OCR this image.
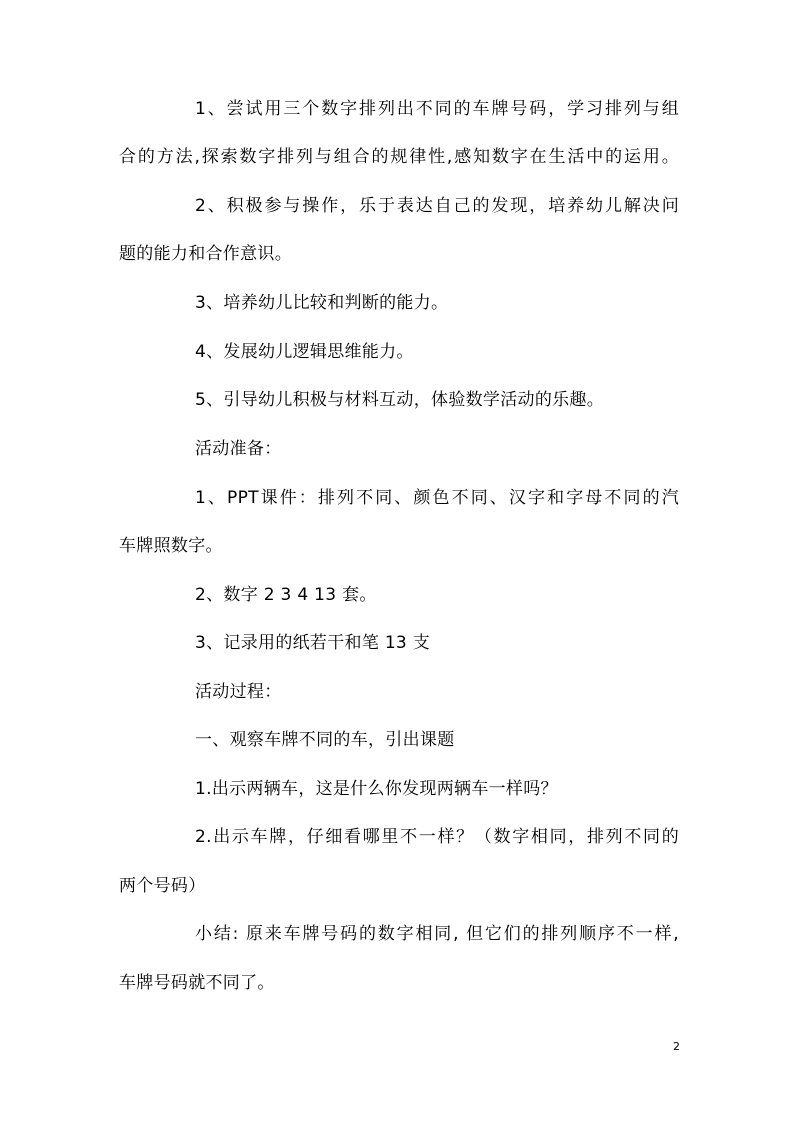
1、尝试用三个数字排列出不同的车牌号码，学习排列与组
合的方法,探索数字排列与组合的规律性,感知数字在生活中的运用。
2、积极参与操作，乐于表达自己的发现，培养幼儿解决问
题的能力和合作意识。
3、培养幼儿比较和判断的能力。
4、发展幼儿逻辑思维能力。
5、引导幼儿积极与材料互动，体验数学活动的乐趣。
活动准备：
1、PPT课件：排列不同、颜色不同、汉字和字母不同的汽
车牌照数字。
2、数字 2 3 4 13 套。
3、记录用的纸若干和笔 13 支
活动过程：
一、观察车牌不同的车，引出课题
1.出示两辆车，这是什么你发现两辆车一样吗？
2.出示车牌，仔细看哪里不一样？（数字相同，排列不同的
两个号码）
小结: 原来车牌号码的数字相同, 但它们的排列顺序不一样,
车牌号码就不同了。
2
